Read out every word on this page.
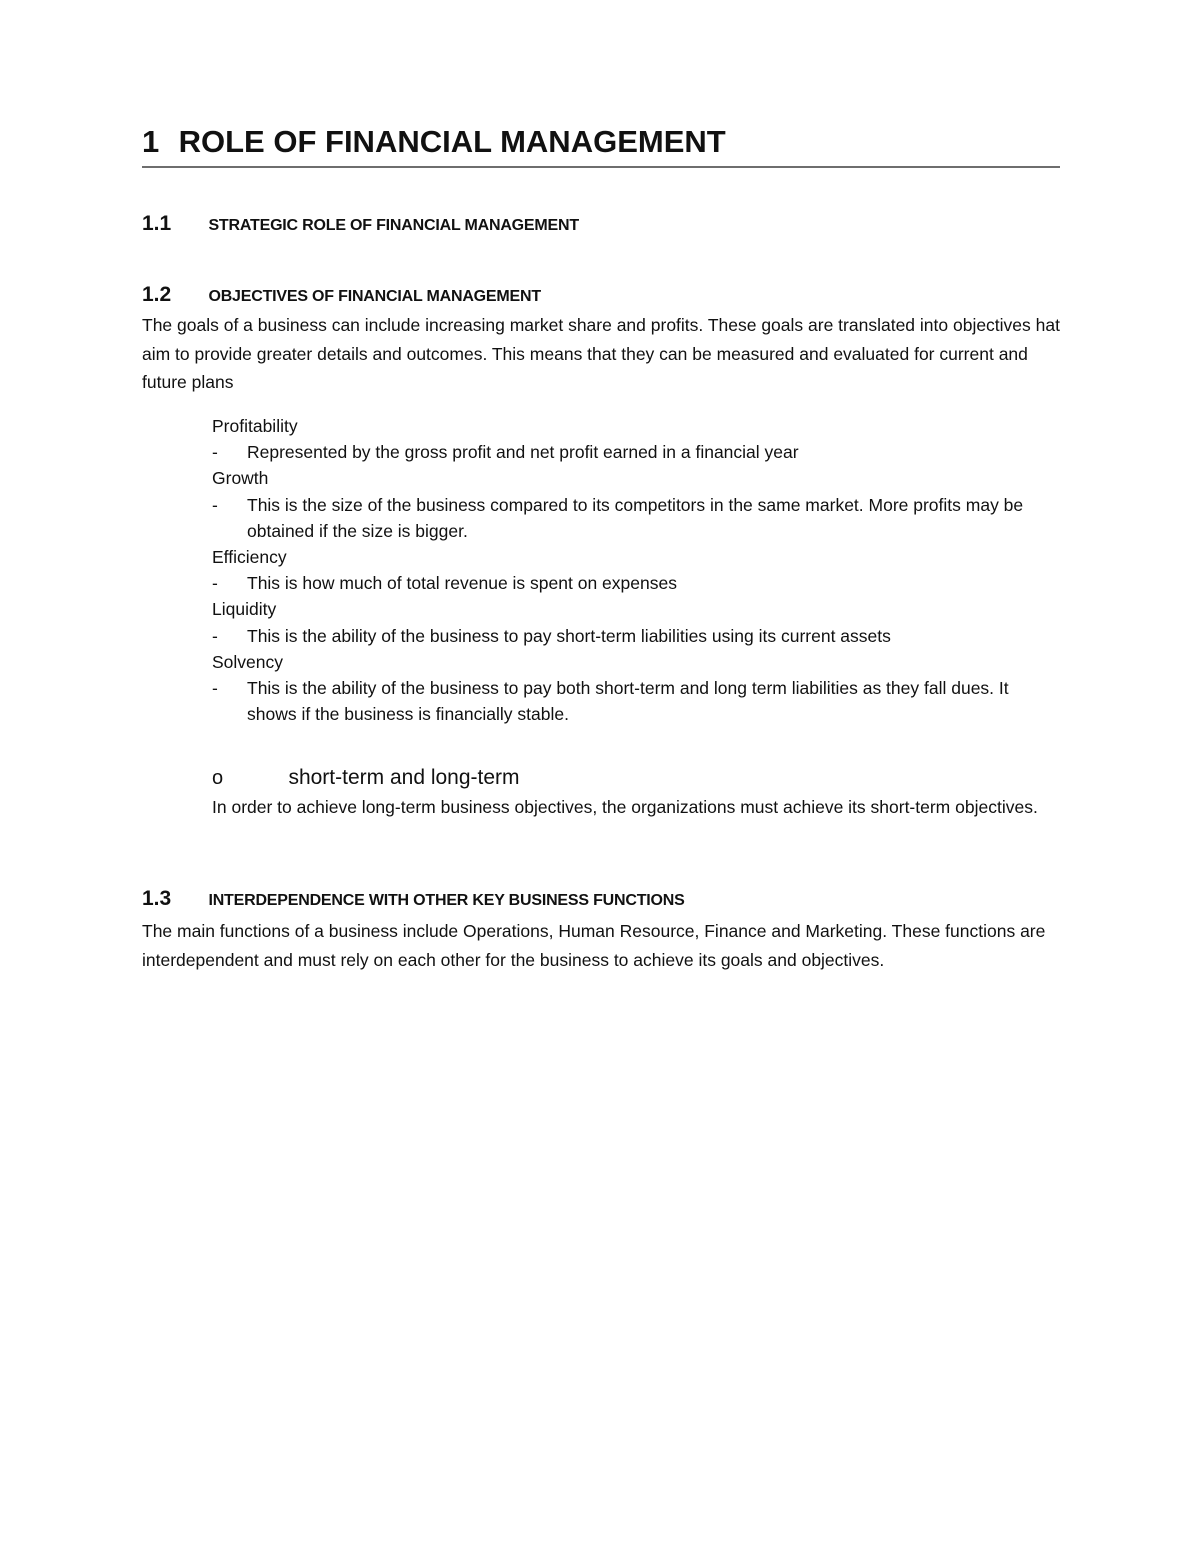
1 ROLE OF FINANCIAL MANAGEMENT
1.1 STRATEGIC ROLE OF FINANCIAL MANAGEMENT
1.2 OBJECTIVES OF FINANCIAL MANAGEMENT

The goals of a business can include increasing market share and profits. These goals are translated into objectives hat aim to provide greater details and outcomes. This means that they can be measured and evaluated for current and future plans

Profitability
- Represented by the gross profit and net profit earned in a financial year
Growth
- This is the size of the business compared to its competitors in the same market. More profits may be obtained if the size is bigger.
Efficiency
- This is how much of total revenue is spent on expenses
Liquidity
- This is the ability of the business to pay short-term liabilities using its current assets
Solvency
- This is the ability of the business to pay both short-term and long term liabilities as they fall dues. It shows if the business is financially stable.
o	short-term and long-term

In order to achieve long-term business objectives, the organizations must achieve its short-term objectives.

1.3 INTERDEPENDENCE WITH OTHER KEY BUSINESS FUNCTIONS

The main functions of a business include Operations, Human Resource, Finance and Marketing. These functions are interdependent and must rely on each other for the business to achieve its goals and objectives.
